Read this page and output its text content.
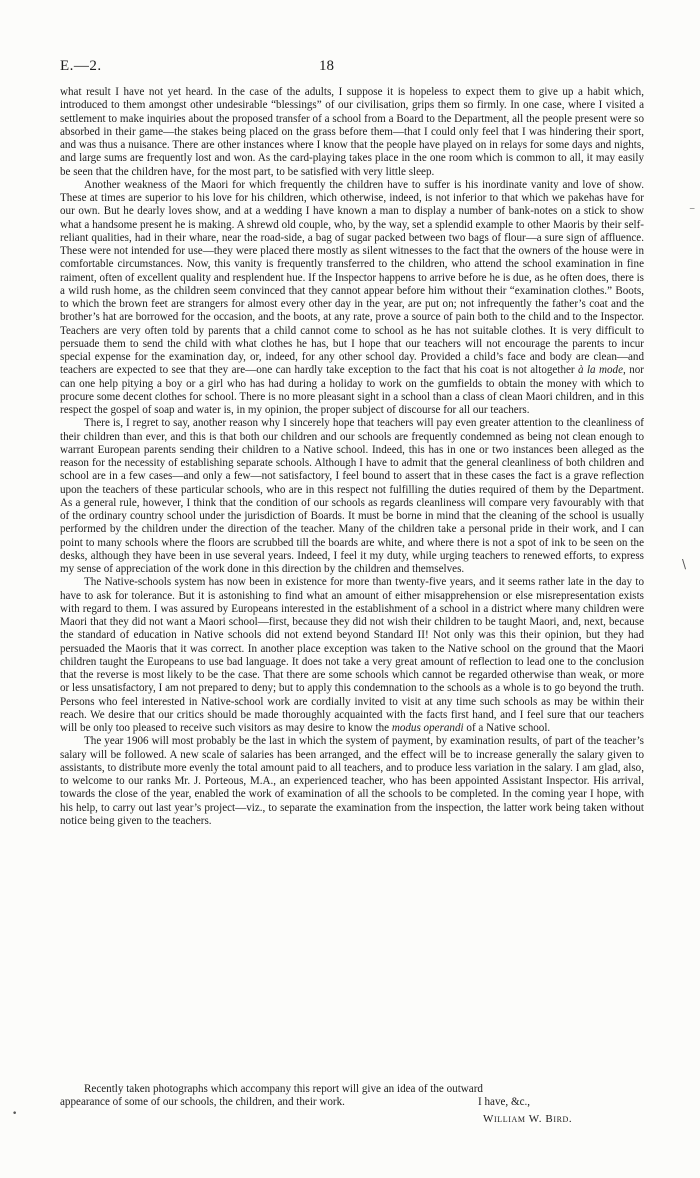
E.—2.	18

what result I have not yet heard. In the case of the adults, I suppose it is hopeless to expect them to give up a habit which, introduced to them amongst other undesirable “blessings” of our civilisation, grips them so firmly. In one case, where I visited a settlement to make inquiries about the proposed transfer of a school from a Board to the Department, all the people present were so absorbed in their game—the stakes being placed on the grass before them—that I could only feel that I was hindering their sport, and was thus a nuisance. There are other instances where I know that the people have played on in relays for some days and nights, and large sums are frequently lost and won. As the card-playing takes place in the one room which is common to all, it may easily be seen that the children have, for the most part, to be satisfied with very little sleep.

Another weakness of the Maori for which frequently the children have to suffer is his inordinate vanity and love of show. These at times are superior to his love for his children, which otherwise, indeed, is not inferior to that which we pakehas have for our own. But he dearly loves show, and at a wedding I have known a man to display a number of bank-notes on a stick to show what a handsome present he is making. A shrewd old couple, who, by the way, set a splendid example to other Maoris by their self-reliant qualities, had in their whare, near the road-side, a bag of sugar packed between two bags of flour—a sure sign of affluence. These were not intended for use—they were placed there mostly as silent witnesses to the fact that the owners of the house were in comfortable circumstances. Now, this vanity is frequently transferred to the children, who attend the school examination in fine raiment, often of excellent quality and resplendent hue. If the Inspector happens to arrive before he is due, as he often does, there is a wild rush home, as the children seem convinced that they cannot appear before him without their “examination clothes.” Boots, to which the brown feet are strangers for almost every other day in the year, are put on; not infrequently the father’s coat and the brother’s hat are borrowed for the occasion, and the boots, at any rate, prove a source of pain both to the child and to the Inspector. Teachers are very often told by parents that a child cannot come to school as he has not suitable clothes. It is very difficult to persuade them to send the child with what clothes he has, but I hope that our teachers will not encourage the parents to incur special expense for the examination day, or, indeed, for any other school day. Provided a child’s face and body are clean—and teachers are expected to see that they are—one can hardly take exception to the fact that his coat is not altogether à la mode, nor can one help pitying a boy or a girl who has had during a holiday to work on the gumfields to obtain the money with which to procure some decent clothes for school. There is no more pleasant sight in a school than a class of clean Maori children, and in this respect the gospel of soap and water is, in my opinion, the proper subject of discourse for all our teachers.

There is, I regret to say, another reason why I sincerely hope that teachers will pay even greater attention to the cleanliness of their children than ever, and this is that both our children and our schools are frequently condemned as being not clean enough to warrant European parents sending their children to a Native school. Indeed, this has in one or two instances been alleged as the reason for the necessity of establishing separate schools. Although I have to admit that the general cleanliness of both children and school are in a few cases—and only a few—not satisfactory, I feel bound to assert that in these cases the fact is a grave reflection upon the teachers of these particular schools, who are in this respect not fulfilling the duties required of them by the Department. As a general rule, however, I think that the condition of our schools as regards cleanliness will compare very favourably with that of the ordinary country school under the jurisdiction of Boards. It must be borne in mind that the cleaning of the school is usually performed by the children under the direction of the teacher. Many of the children take a personal pride in their work, and I can point to many schools where the floors are scrubbed till the boards are white, and where there is not a spot of ink to be seen on the desks, although they have been in use several years. Indeed, I feel it my duty, while urging teachers to renewed efforts, to express my sense of appreciation of the work done in this direction by the children and themselves.

The Native-schools system has now been in existence for more than twenty-five years, and it seems rather late in the day to have to ask for tolerance. But it is astonishing to find what an amount of either misapprehension or else misrepresentation exists with regard to them. I was assured by Europeans interested in the establishment of a school in a district where many children were Maori that they did not want a Maori school—first, because they did not wish their children to be taught Maori, and, next, because the standard of education in Native schools did not extend beyond Standard II! Not only was this their opinion, but they had persuaded the Maoris that it was correct. In another place exception was taken to the Native school on the ground that the Maori children taught the Europeans to use bad language. It does not take a very great amount of reflection to lead one to the conclusion that the reverse is most likely to be the case. That there are some schools which cannot be regarded otherwise than weak, or more or less unsatisfactory, I am not prepared to deny; but to apply this condemnation to the schools as a whole is to go beyond the truth. Persons who feel interested in Native-school work are cordially invited to visit at any time such schools as may be within their reach. We desire that our critics should be made thoroughly acquainted with the facts first hand, and I feel sure that our teachers will be only too pleased to receive such visitors as may desire to know the modus operandi of a Native school.

The year 1906 will most probably be the last in which the system of payment, by examination results, of part of the teacher’s salary will be followed. A new scale of salaries has been arranged, and the effect will be to increase generally the salary given to assistants, to distribute more evenly the total amount paid to all teachers, and to produce less variation in the salary. I am glad, also, to welcome to our ranks Mr. J. Porteous, M.A., an experienced teacher, who has been appointed Assistant Inspector. His arrival, towards the close of the year, enabled the work of examination of all the schools to be completed. In the coming year I hope, with his help, to carry out last year’s project—viz., to separate the examination from the inspection, the latter work being taken without notice being given to the teachers.

Recently taken photographs which accompany this report will give an idea of the outward
appearance of some of our schools, the children, and their work.	I have, &c.,
William W. Bird.
⁻
\
•
